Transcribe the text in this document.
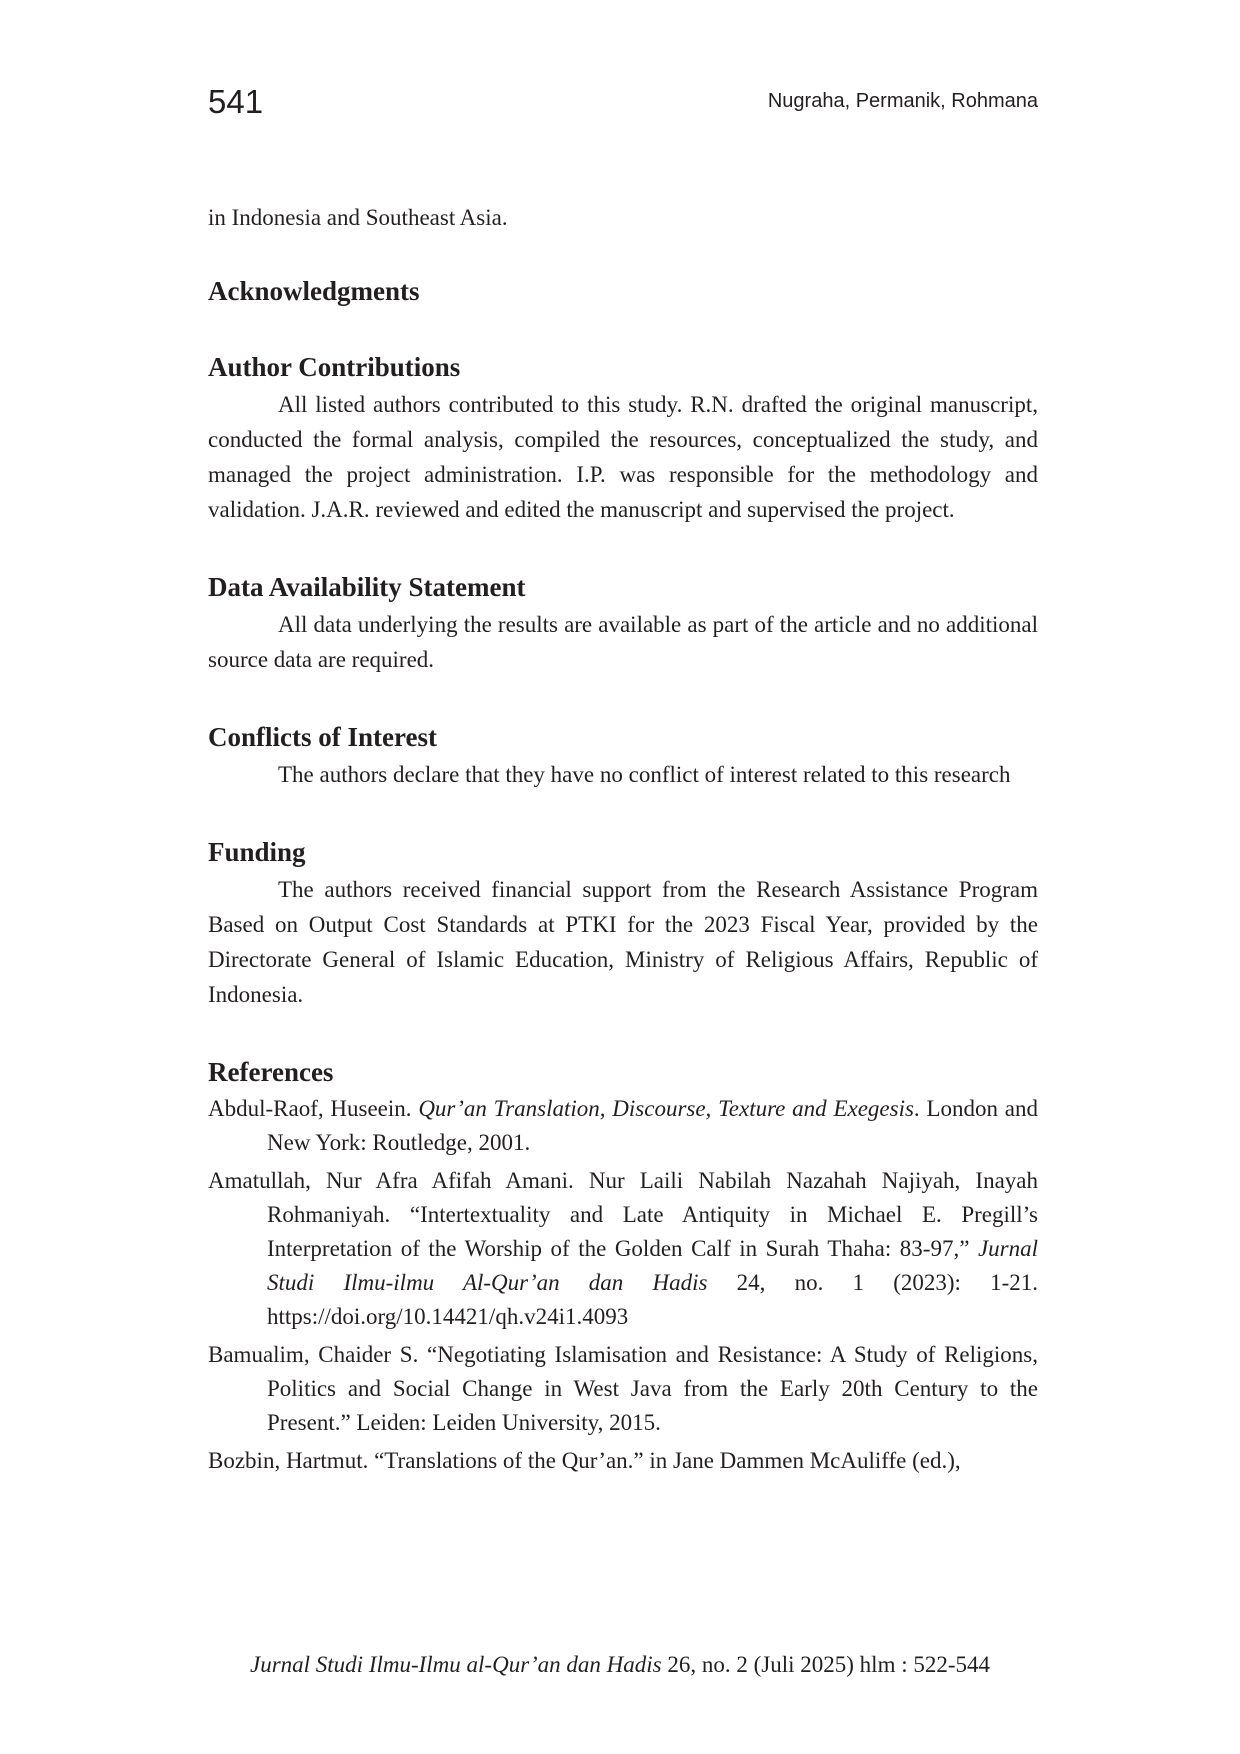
541	Nugraha, Permanik, Rohmana

in Indonesia and Southeast Asia.

Acknowledgments
Author Contributions

All listed authors contributed to this study. R.N. drafted the original manuscript, conducted the formal analysis, compiled the resources, conceptualized the study, and managed the project administration. I.P. was responsible for the methodology and validation. J.A.R. reviewed and edited the manuscript and supervised the project.

Data Availability Statement

All data underlying the results are available as part of the article and no additional source data are required.

Conflicts of Interest

The authors declare that they have no conflict of interest related to this research

Funding

The authors received financial support from the Research Assistance Program Based on Output Cost Standards at PTKI for the 2023 Fiscal Year, provided by the Directorate General of Islamic Education, Ministry of Religious Affairs, Republic of Indonesia.

References
Abdul-Raof, Huseein. Qur’an Translation, Discourse, Texture and Exegesis. London and New York: Routledge, 2001.
Amatullah, Nur Afra Afifah Amani. Nur Laili Nabilah Nazahah Najiyah, Inayah Rohmaniyah. “Intertextuality and Late Antiquity in Michael E. Pregill’s Interpretation of the Worship of the Golden Calf in Surah Thaha: 83-97,” Jurnal Studi Ilmu-ilmu Al-Qur’an dan Hadis 24, no. 1 (2023): 1-21. https://doi.org/10.14421/qh.v24i1.4093
Bamualim, Chaider S. “Negotiating Islamisation and Resistance: A Study of Religions, Politics and Social Change in West Java from the Early 20th Century to the Present.” Leiden: Leiden University, 2015.
Bozbin, Hartmut. “Translations of the Qur’an.” in Jane Dammen McAuliffe (ed.),
Jurnal Studi Ilmu-Ilmu al-Qur’an dan Hadis 26, no. 2 (Juli 2025) hlm : 522-544
